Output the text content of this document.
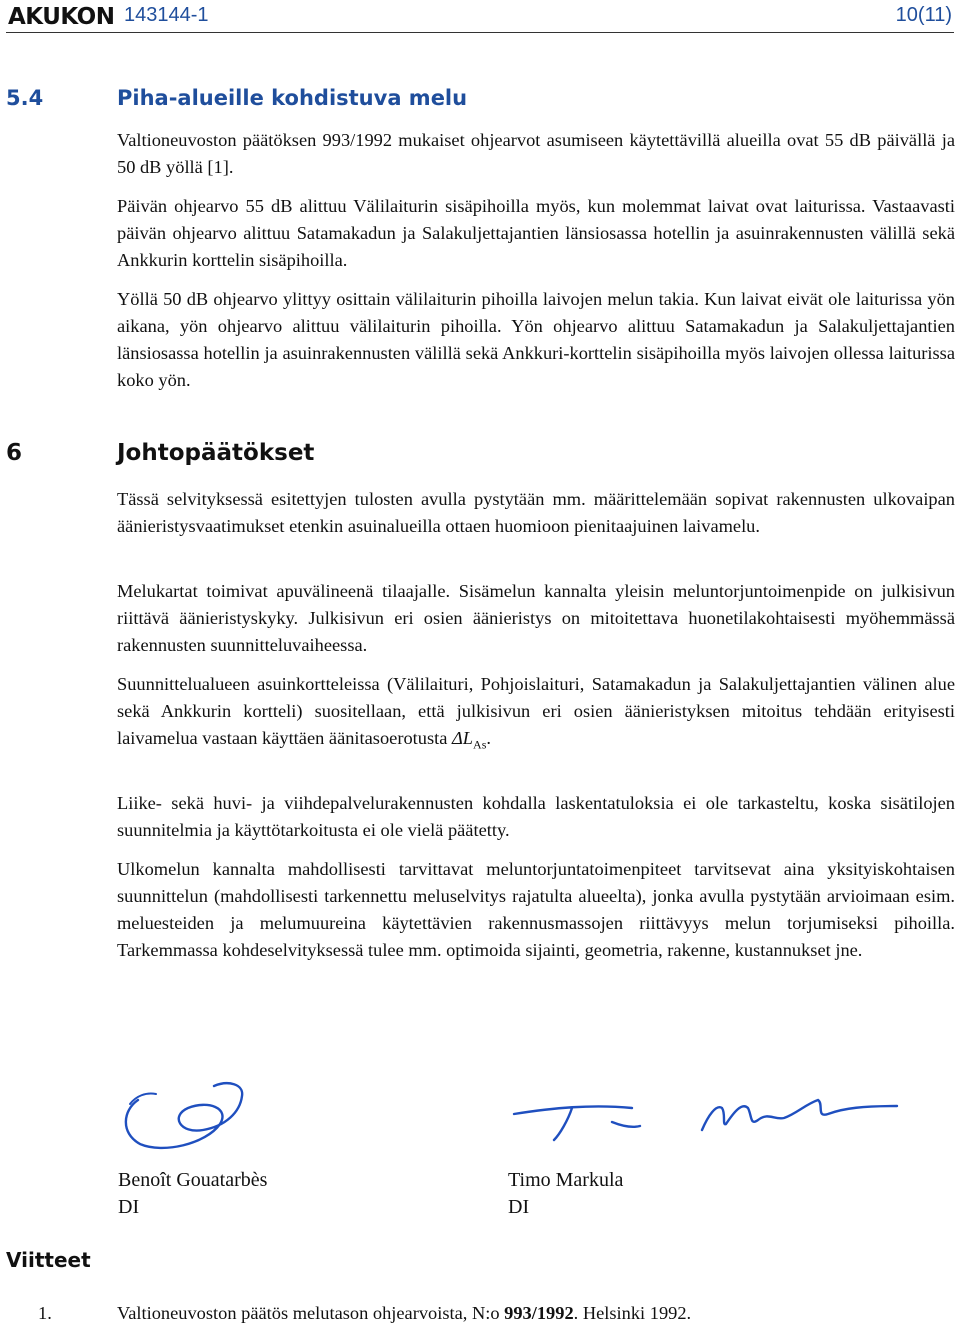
AKUKON 143144-1	10(11)
5.4	Piha-alueille kohdistuva melu

Valtioneuvoston päätöksen 993/1992 mukaiset ohjearvot asumiseen käytettävillä alueilla ovat 55 dB päivällä ja 50 dB yöllä [1].

Päivän ohjearvo 55 dB alittuu Välilaiturin sisäpihoilla myös, kun molemmat laivat ovat laiturissa. Vastaavasti päivän ohjearvo alittuu Satamakadun ja Salakuljettajantien länsiosassa hotellin ja asuinrakennusten välillä sekä Ankkurin korttelin sisäpihoilla.

Yöllä 50 dB ohjearvo ylittyy osittain välilaiturin pihoilla laivojen melun takia. Kun laivat eivät ole laiturissa yön aikana, yön ohjearvo alittuu välilaiturin pihoilla. Yön ohjearvo alittuu Satamakadun ja Salakuljettajantien länsiosassa hotellin ja asuinrakennusten välillä sekä Ankkuri-korttelin sisäpihoilla myös laivojen ollessa laiturissa koko yön.

6	Johtopäätökset

Tässä selvityksessä esitettyjen tulosten avulla pystytään mm. määrittelemään sopivat rakennusten ulkovaipan äänieristysvaatimukset etenkin asuinalueilla ottaen huomioon pienitaajuinen laivamelu.

Melukartat toimivat apuvälineenä tilaajalle. Sisämelun kannalta yleisin meluntorjuntoimenpide on julkisivun riittävä äänieristyskyky. Julkisivun eri osien äänieristys on mitoitettava huonetilakohtaisesti myöhemmässä rakennusten suunnitteluvaiheessa.

Suunnittelualueen asuinkortteleissa (Välilaituri, Pohjoislaituri, Satamakadun ja Salakuljettajantien välinen alue sekä Ankkurin kortteli) suositellaan, että julkisivun eri osien äänieristyksen mitoitus tehdään erityisesti laivamelua vastaan käyttäen äänitasoerotusta $\Delta L_{As}$.

Liike- sekä huvi- ja viihdepalvelurakennusten kohdalla laskentatuloksia ei ole tarkasteltu, koska sisätilojen suunnitelmia ja käyttötarkoitusta ei ole vielä päätetty.

Ulkomelun kannalta mahdollisesti tarvittavat meluntorjuntatoimenpiteet tarvitsevat aina yksityiskohtaisen suunnittelun (mahdollisesti tarkennettu meluselvitys rajatulta alueelta), jonka avulla pystytään arvioimaan esim. meluesteiden ja melumuureina käytettävien rakennusmassojen riittävyys melun torjumiseksi pihoilla. Tarkemmassa kohdeselvityksessä tulee mm. optimoida sijainti, geometria, rakenne, kustannukset jne.

Benoît Gouatarbès
DI

Timo Markula
DI

Viitteet

1.	Valtioneuvoston päätös melutason ohjearvoista, N:o 993/1992. Helsinki 1992.
